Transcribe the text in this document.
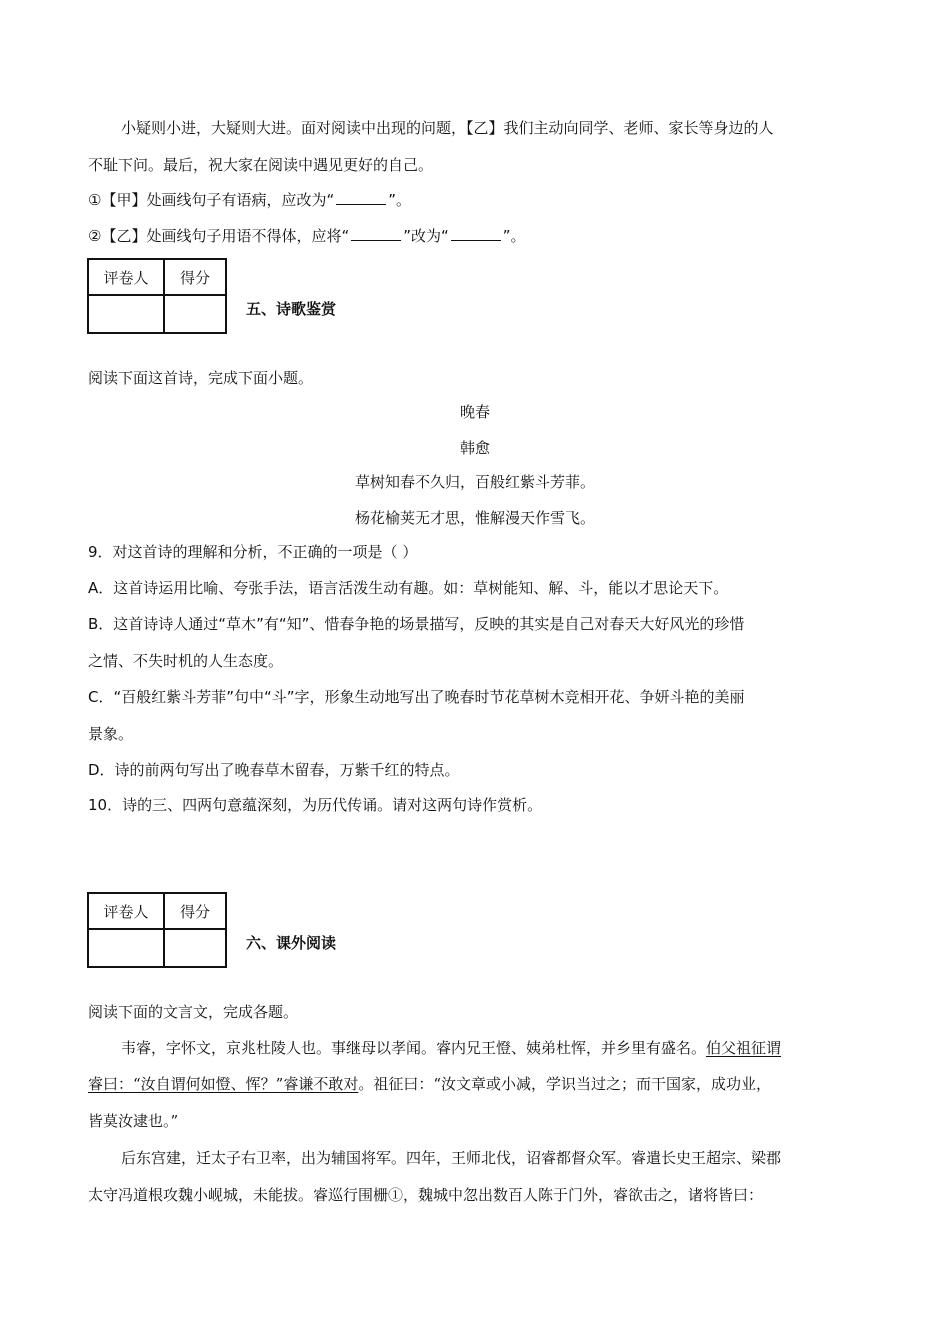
小疑则小进，大疑则大进。面对阅读中出现的问题，【乙】我们主动向同学、老师、家长等身边的人
不耻下问。最后，祝大家在阅读中遇见更好的自己。
①【甲】处画线句子有语病，应改为“	”。
②【乙】处画线句子用语不得体，应将“	”改为“	”。
评卷人	得分

五、诗歌鉴赏
阅读下面这首诗，完成下面小题。
晚春
韩愈
草树知春不久归，百般红紫斗芳菲。
杨花榆荚无才思，惟解漫天作雪飞。
9．对这首诗的理解和分析，不正确的一项是（ ）
A．这首诗运用比喻、夸张手法，语言活泼生动有趣。如：草树能知、解、斗，能以才思论天下。
B．这首诗诗人通过“草木”有“知”、惜春争艳的场景描写，反映的其实是自己对春天大好风光的珍惜
之情、不失时机的人生态度。
C．“百般红紫斗芳菲”句中“斗”字，形象生动地写出了晚春时节花草树木竞相开花、争妍斗艳的美丽
景象。
D．诗的前两句写出了晚春草木留春，万紫千红的特点。
10．诗的三、四两句意蕴深刻，为历代传诵。请对这两句诗作赏析。
评卷人	得分

六、课外阅读
阅读下面的文言文，完成各题。
韦睿，字怀文，京兆杜陵人也。事继母以孝闻。睿内兄王憕、姨弟杜恽，并乡里有盛名。伯父祖征谓
睿曰：“汝自谓何如憕、恽？”睿谦不敢对。祖征曰：“汝文章或小减，学识当过之；而干国家，成功业，
皆莫汝逮也。”
后东宫建，迁太子右卫率，出为辅国将军。四年，王师北伐，诏睿都督众军。睿遣长史王超宗、梁郡
太守冯道根攻魏小岘城，未能拔。睿巡行围栅①，魏城中忽出数百人陈于门外，睿欲击之，诸将皆曰：
